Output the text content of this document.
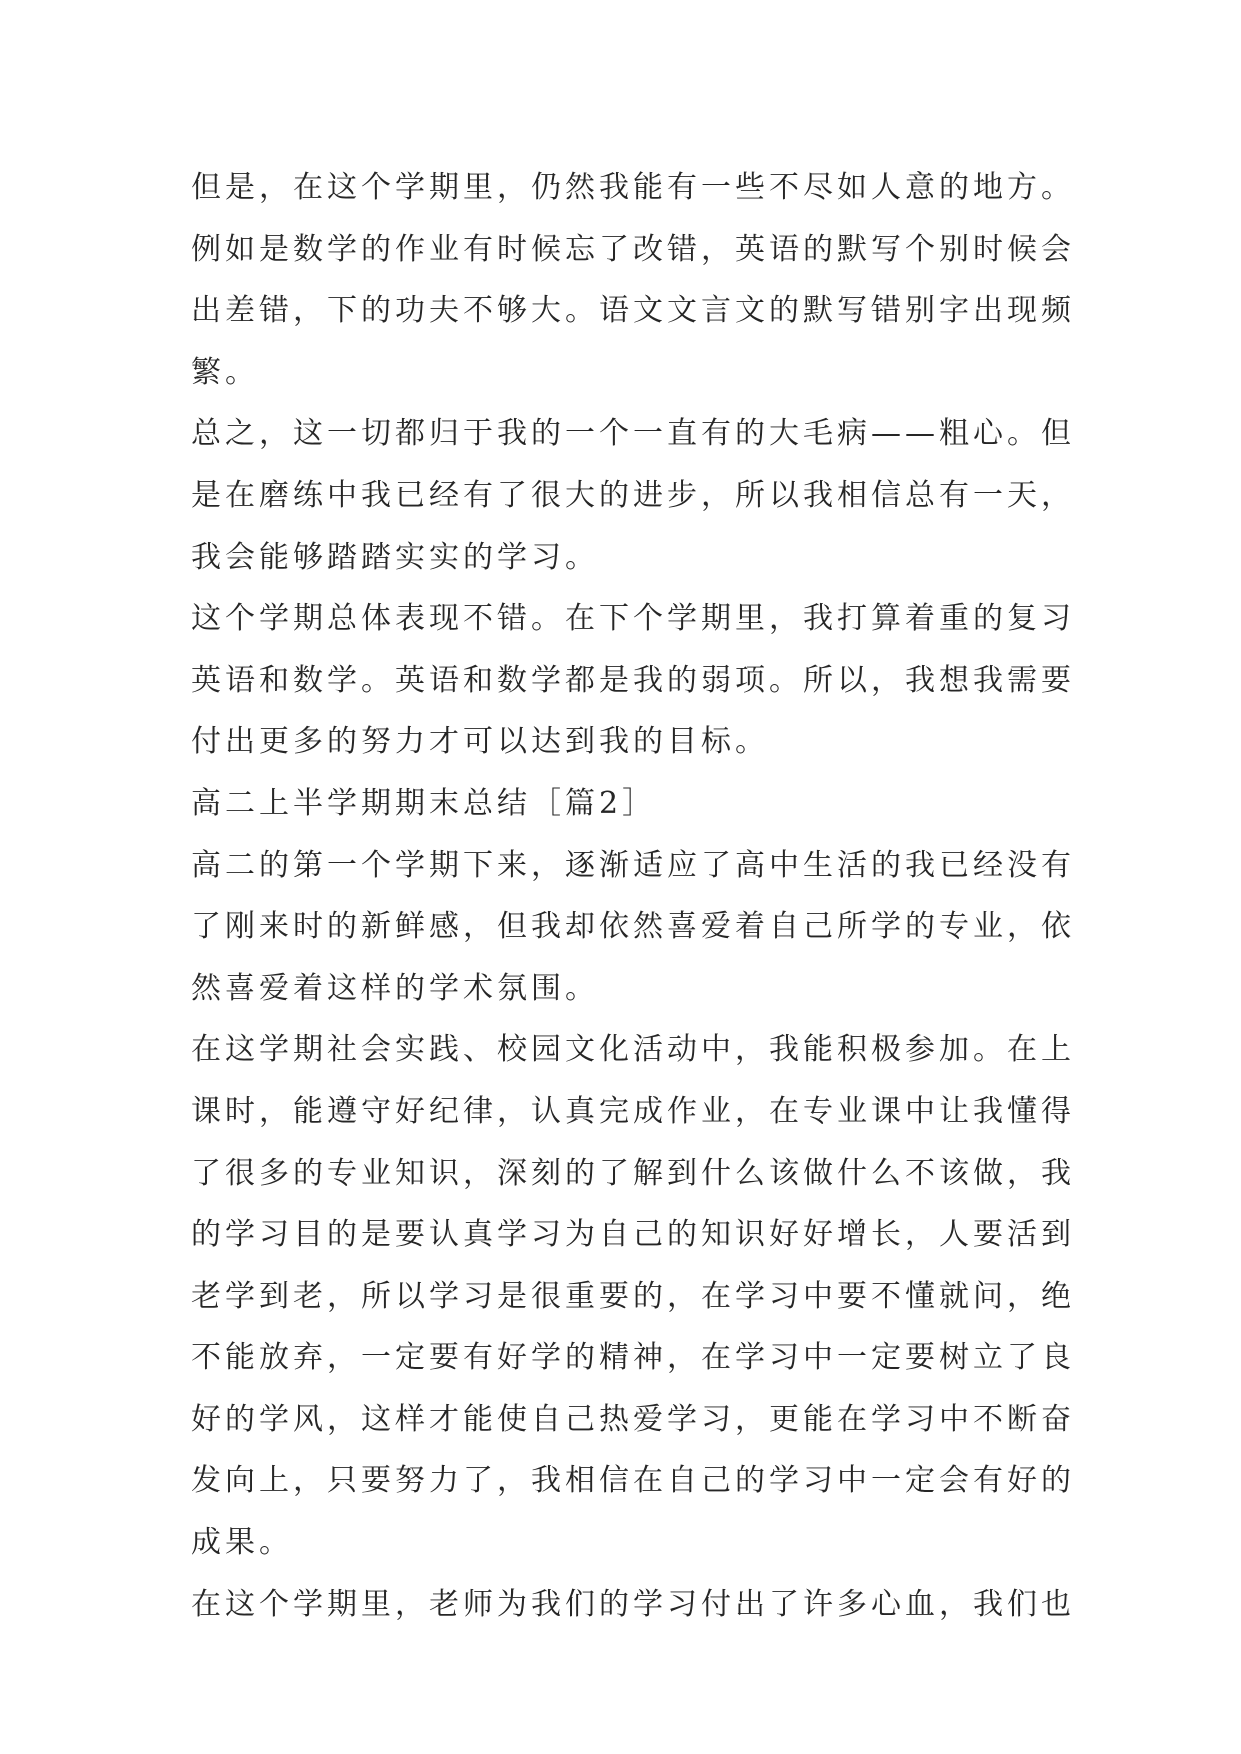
但是，在这个学期里，仍然我能有一些不尽如人意的地方。
例如是数学的作业有时候忘了改错，英语的默写个别时候会
出差错，下的功夫不够大。语文文言文的默写错别字出现频
繁。
总之，这一切都归于我的一个一直有的大毛病——粗心。但
是在磨练中我已经有了很大的进步，所以我相信总有一天，
我会能够踏踏实实的学习。
这个学期总体表现不错。在下个学期里，我打算着重的复习
英语和数学。英语和数学都是我的弱项。所以，我想我需要
付出更多的努力才可以达到我的目标。
高二上半学期期末总结［篇2］
高二的第一个学期下来，逐渐适应了高中生活的我已经没有
了刚来时的新鲜感，但我却依然喜爱着自己所学的专业，依
然喜爱着这样的学术氛围。
在这学期社会实践、校园文化活动中，我能积极参加。在上
课时，能遵守好纪律，认真完成作业，在专业课中让我懂得
了很多的专业知识，深刻的了解到什么该做什么不该做，我
的学习目的是要认真学习为自己的知识好好增长，人要活到
老学到老，所以学习是很重要的，在学习中要不懂就问，绝
不能放弃，一定要有好学的精神，在学习中一定要树立了良
好的学风，这样才能使自己热爱学习，更能在学习中不断奋
发向上，只要努力了，我相信在自己的学习中一定会有好的
成果。
在这个学期里，老师为我们的学习付出了许多心血，我们也
